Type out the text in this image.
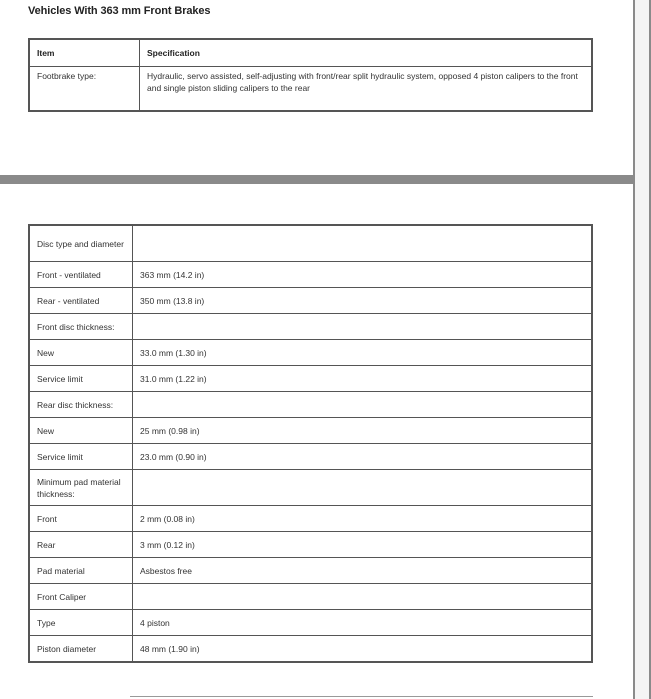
Vehicles With 363 mm Front Brakes
Item	Specification
Footbrake type:	Hydraulic, servo assisted, self-adjusting with front/rear split hydraulic system, opposed 4 piston calipers to the front and single piston sliding calipers to the rear
Disc type and diameter	
Front - ventilated	363 mm (14.2 in)
Rear - ventilated	350 mm (13.8 in)
Front disc thickness:	
New	33.0 mm (1.30 in)
Service limit	31.0 mm (1.22 in)
Rear disc thickness:	
New	25 mm (0.98 in)
Service limit	23.0 mm (0.90 in)
Minimum pad material thickness:	
Front	2 mm (0.08 in)
Rear	3 mm (0.12 in)
Pad material	Asbestos free
Front Caliper	
Type	4 piston
Piston diameter	48 mm (1.90 in)
